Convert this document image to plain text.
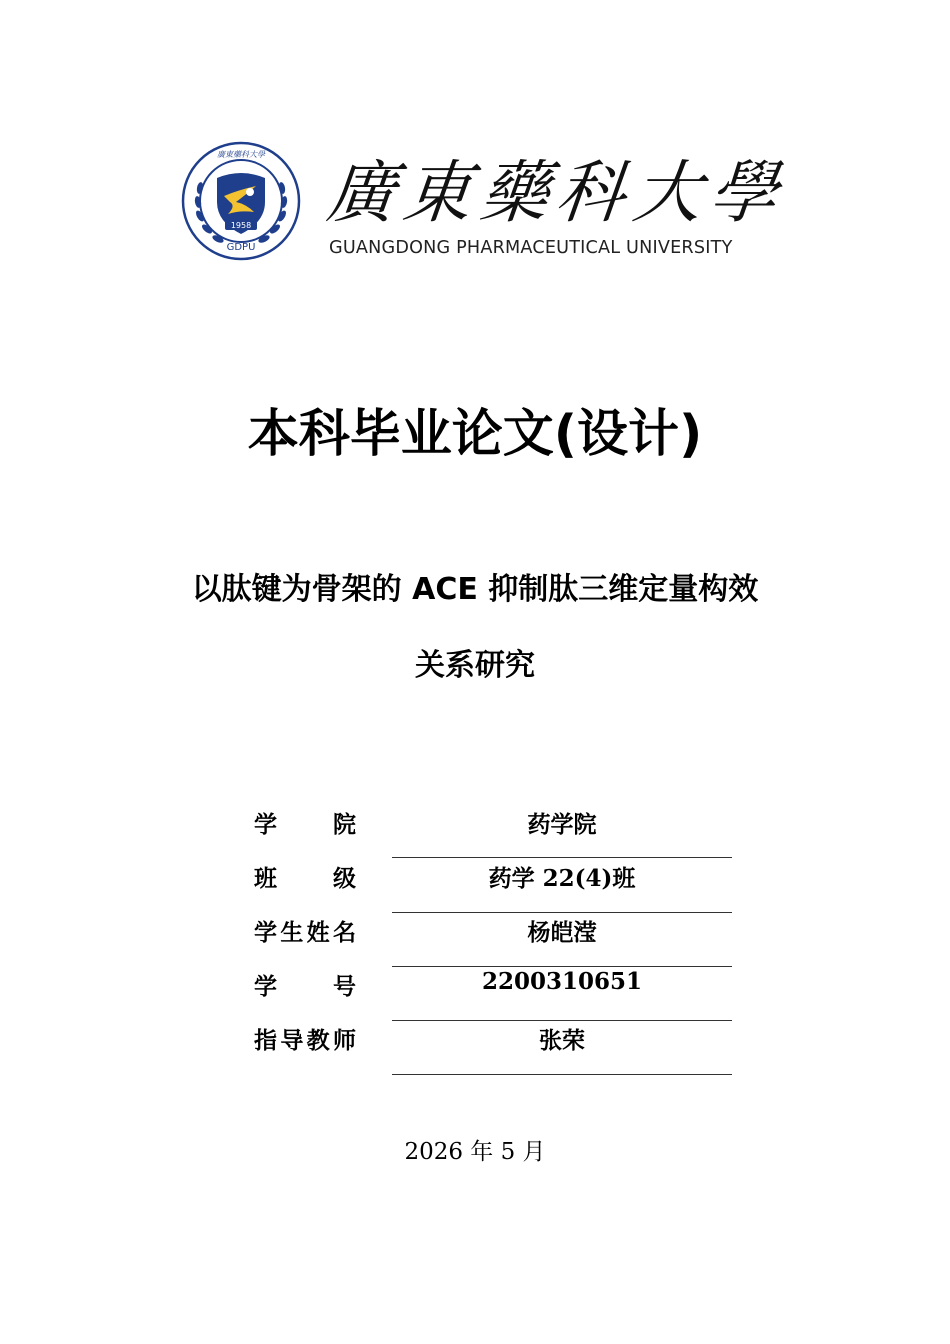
1958
GDPU
廣東藥科大學 廣 東 藥 科 大 學
GUANGDONG PHARMACEUTICAL UNIVERSITY
本科毕业论文(设计)
以肽键为骨架的 ACE 抑制肽三维定量构效
关系研究
学 院	药学院
班 级	药学 22(4)班
学 生 姓 名	杨皑滢
学 号	2200310651
指 导 教 师	张荣
2026 年 5 月
